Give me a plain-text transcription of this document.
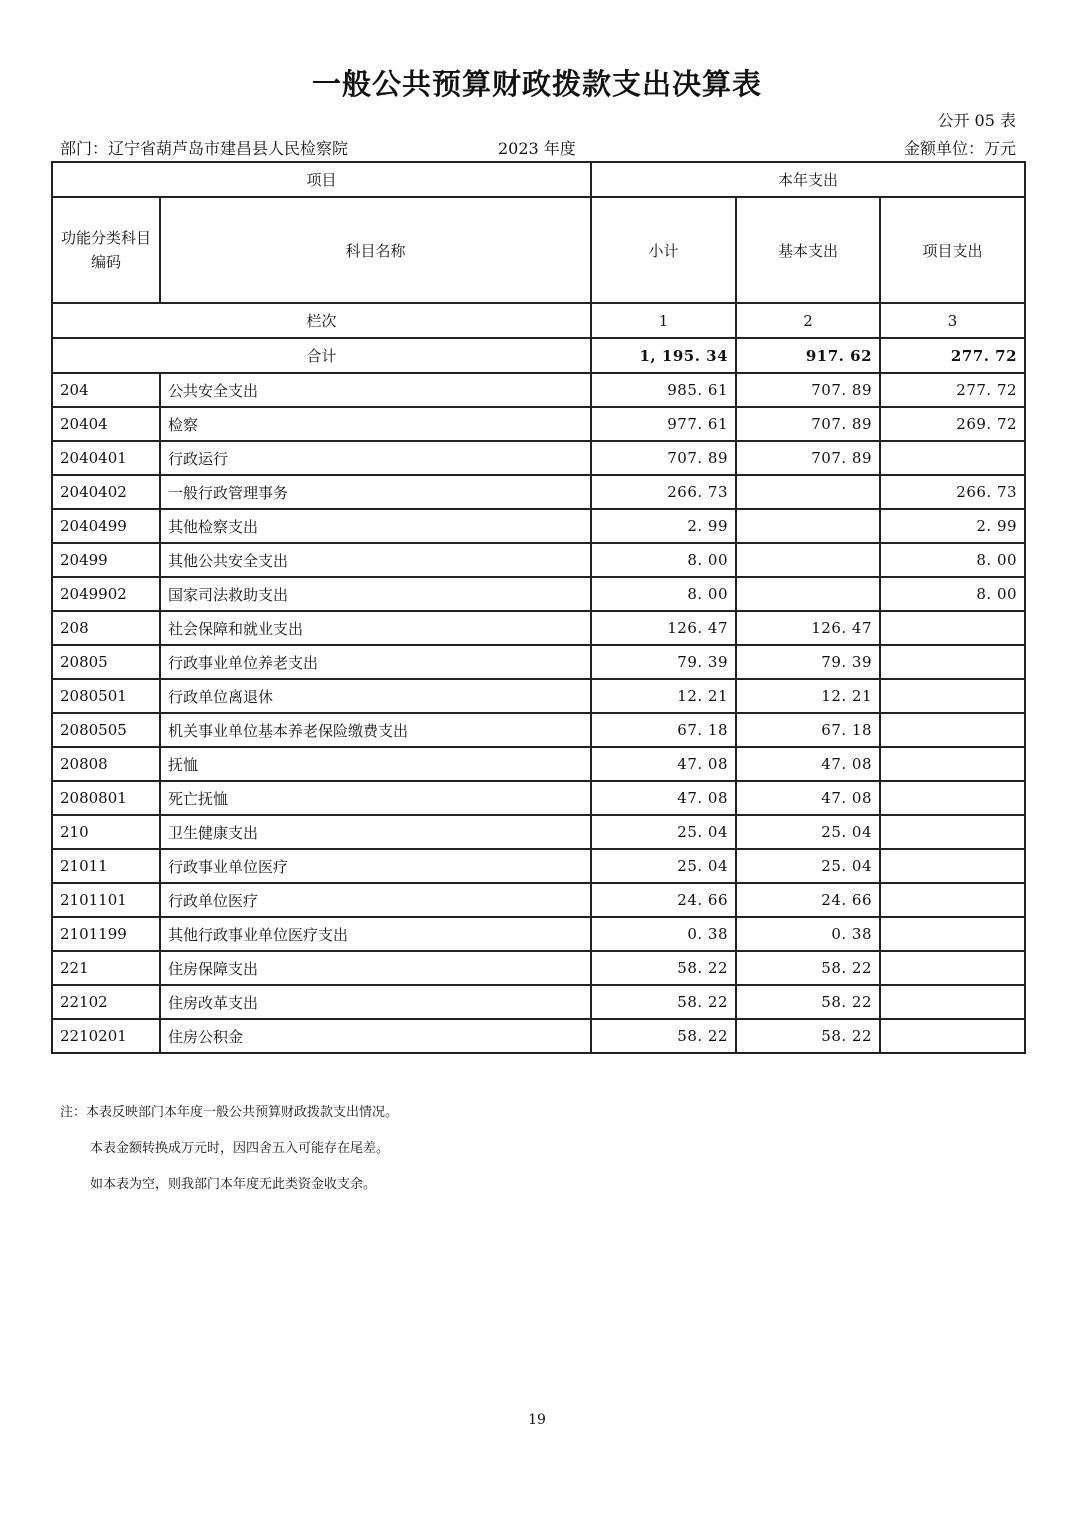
一般公共预算财政拨款支出决算表
公开 05 表
部门：辽宁省葫芦岛市建昌县人民检察院	2023 年度	金额单位：万元
项目		本年支出		
功能分类科目编码	科目名称	小计	基本支出	项目支出
栏次		1	2	3
合计		1, 195. 34	917. 62	277. 72
204	公共安全支出	985. 61	707. 89	277. 72
20404	检察	977. 61	707. 89	269. 72
2040401	行政运行	707. 89	707. 89	
2040402	一般行政管理事务	266. 73		266. 73
2040499	其他检察支出	2. 99		2. 99
20499	其他公共安全支出	8. 00		8. 00
2049902	国家司法救助支出	8. 00		8. 00
208	社会保障和就业支出	126. 47	126. 47	
20805	行政事业单位养老支出	79. 39	79. 39	
2080501	行政单位离退休	12. 21	12. 21	
2080505	机关事业单位基本养老保险缴费支出	67. 18	67. 18	
20808	抚恤	47. 08	47. 08	
2080801	死亡抚恤	47. 08	47. 08	
210	卫生健康支出	25. 04	25. 04	
21011	行政事业单位医疗	25. 04	25. 04	
2101101	行政单位医疗	24. 66	24. 66	
2101199	其他行政事业单位医疗支出	0. 38	0. 38	
221	住房保障支出	58. 22	58. 22	
22102	住房改革支出	58. 22	58. 22	
2210201	住房公积金	58. 22	58. 22	
注：本表反映部门本年度一般公共预算财政拨款支出情况。
本表金额转换成万元时，因四舍五入可能存在尾差。
如本表为空，则我部门本年度无此类资金收支余。
19
